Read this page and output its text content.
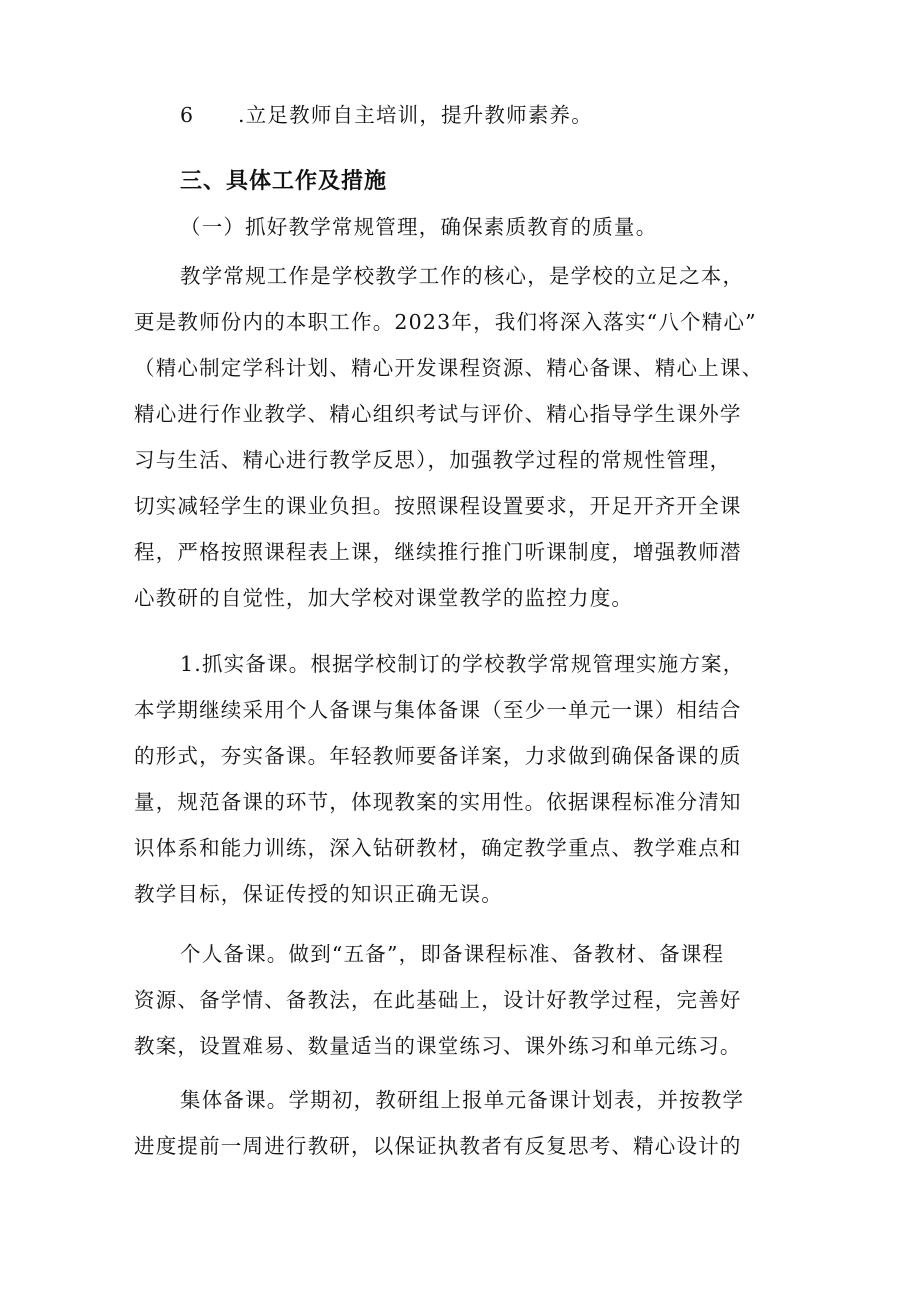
6 .立足教师自主培训，提升教师素养。
三、具体工作及措施
（一）抓好教学常规管理，确保素质教育的质量。
教学常规工作是学校教学工作的核心，是学校的立足之本，
更是教师份内的本职工作。2023年，我们将深入落实“八个精心”
（精心制定学科计划、精心开发课程资源、精心备课、精心上课、
精心进行作业教学、精心组织考试与评价、精心指导学生课外学
习与生活、精心进行教学反思），加强教学过程的常规性管理，
切实减轻学生的课业负担。按照课程设置要求，开足开齐开全课
程，严格按照课程表上课，继续推行推门听课制度，增强教师潜
心教研的自觉性，加大学校对课堂教学的监控力度。
1.抓实备课。根据学校制订的学校教学常规管理实施方案，
本学期继续采用个人备课与集体备课（至少一单元一课）相结合
的形式，夯实备课。年轻教师要备详案，力求做到确保备课的质
量，规范备课的环节，体现教案的实用性。依据课程标准分清知
识体系和能力训练，深入钻研教材，确定教学重点、教学难点和
教学目标，保证传授的知识正确无误。
个人备课。做到“五备”，即备课程标准、备教材、备课程
资源、备学情、备教法，在此基础上，设计好教学过程，完善好
教案，设置难易、数量适当的课堂练习、课外练习和单元练习。
集体备课。学期初，教研组上报单元备课计划表，并按教学
进度提前一周进行教研，以保证执教者有反复思考、精心设计的
